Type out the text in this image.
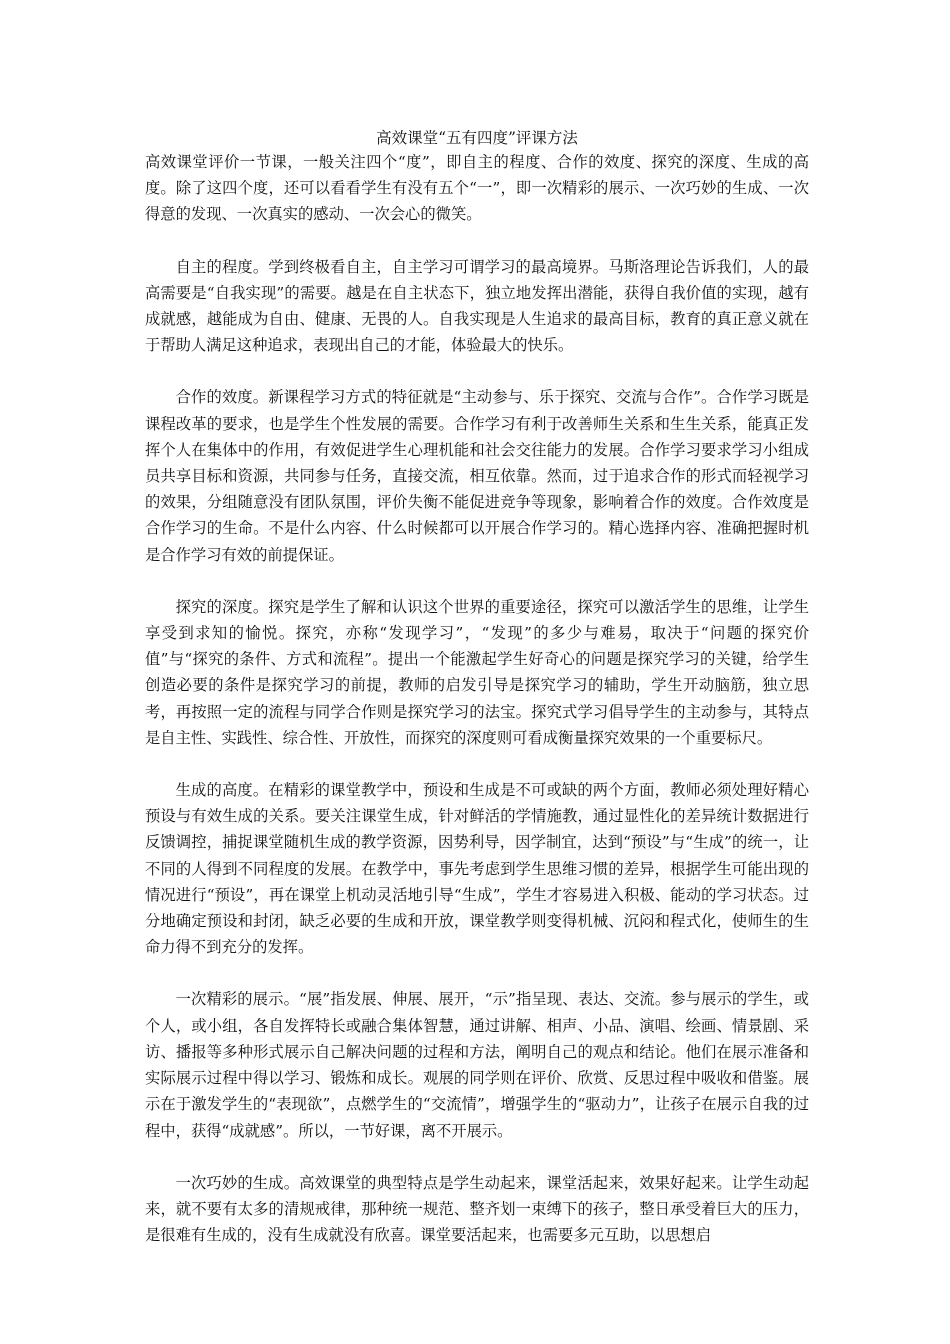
高效课堂“五有四度”评课方法

高效课堂评价一节课，一般关注四个“度”，即自主的程度、合作的效度、探究的深度、生成的高度。除了这四个度，还可以看看学生有没有五个“一”，即一次精彩的展示、一次巧妙的生成、一次得意的发现、一次真实的感动、一次会心的微笑。

自主的程度。学到终极看自主，自主学习可谓学习的最高境界。马斯洛理论告诉我们，人的最高需要是“自我实现”的需要。越是在自主状态下，独立地发挥出潜能，获得自我价值的实现，越有成就感，越能成为自由、健康、无畏的人。自我实现是人生追求的最高目标，教育的真正意义就在于帮助人满足这种追求，表现出自己的才能，体验最大的快乐。

合作的效度。新课程学习方式的特征就是“主动参与、乐于探究、交流与合作”。合作学习既是课程改革的要求，也是学生个性发展的需要。合作学习有利于改善师生关系和生生关系，能真正发挥个人在集体中的作用，有效促进学生心理机能和社会交往能力的发展。合作学习要求学习小组成员共享目标和资源，共同参与任务，直接交流，相互依靠。然而，过于追求合作的形式而轻视学习的效果，分组随意没有团队氛围，评价失衡不能促进竞争等现象，影响着合作的效度。合作效度是合作学习的生命。不是什么内容、什么时候都可以开展合作学习的。精心选择内容、准确把握时机是合作学习有效的前提保证。

探究的深度。探究是学生了解和认识这个世界的重要途径，探究可以激活学生的思维，让学生享受到求知的愉悦。探究，亦称“发现学习”，“发现”的多少与难易，取决于“问题的探究价值”与“探究的条件、方式和流程”。提出一个能激起学生好奇心的问题是探究学习的关键，给学生创造必要的条件是探究学习的前提，教师的启发引导是探究学习的辅助，学生开动脑筋，独立思考，再按照一定的流程与同学合作则是探究学习的法宝。探究式学习倡导学生的主动参与，其特点是自主性、实践性、综合性、开放性，而探究的深度则可看成衡量探究效果的一个重要标尺。

生成的高度。在精彩的课堂教学中，预设和生成是不可或缺的两个方面，教师必须处理好精心预设与有效生成的关系。要关注课堂生成，针对鲜活的学情施教，通过显性化的差异统计数据进行反馈调控，捕捉课堂随机生成的教学资源，因势利导，因学制宜，达到“预设”与“生成”的统一，让不同的人得到不同程度的发展。在教学中，事先考虑到学生思维习惯的差异，根据学生可能出现的情况进行“预设”，再在课堂上机动灵活地引导“生成”，学生才容易进入积极、能动的学习状态。过分地确定预设和封闭，缺乏必要的生成和开放，课堂教学则变得机械、沉闷和程式化，使师生的生命力得不到充分的发挥。

一次精彩的展示。“展”指发展、伸展、展开，“示”指呈现、表达、交流。参与展示的学生，或个人，或小组，各自发挥特长或融合集体智慧，通过讲解、相声、小品、演唱、绘画、情景剧、采访、播报等多种形式展示自己解决问题的过程和方法，阐明自己的观点和结论。他们在展示准备和实际展示过程中得以学习、锻炼和成长。观展的同学则在评价、欣赏、反思过程中吸收和借鉴。展示在于激发学生的“表现欲”，点燃学生的“交流情”，增强学生的“驱动力”，让孩子在展示自我的过程中，获得“成就感”。所以，一节好课，离不开展示。

一次巧妙的生成。高效课堂的典型特点是学生动起来，课堂活起来，效果好起来。让学生动起来，就不要有太多的清规戒律，那种统一规范、整齐划一束缚下的孩子，整日承受着巨大的压力，是很难有生成的，没有生成就没有欣喜。课堂要活起来，也需要多元互助，以思想启
